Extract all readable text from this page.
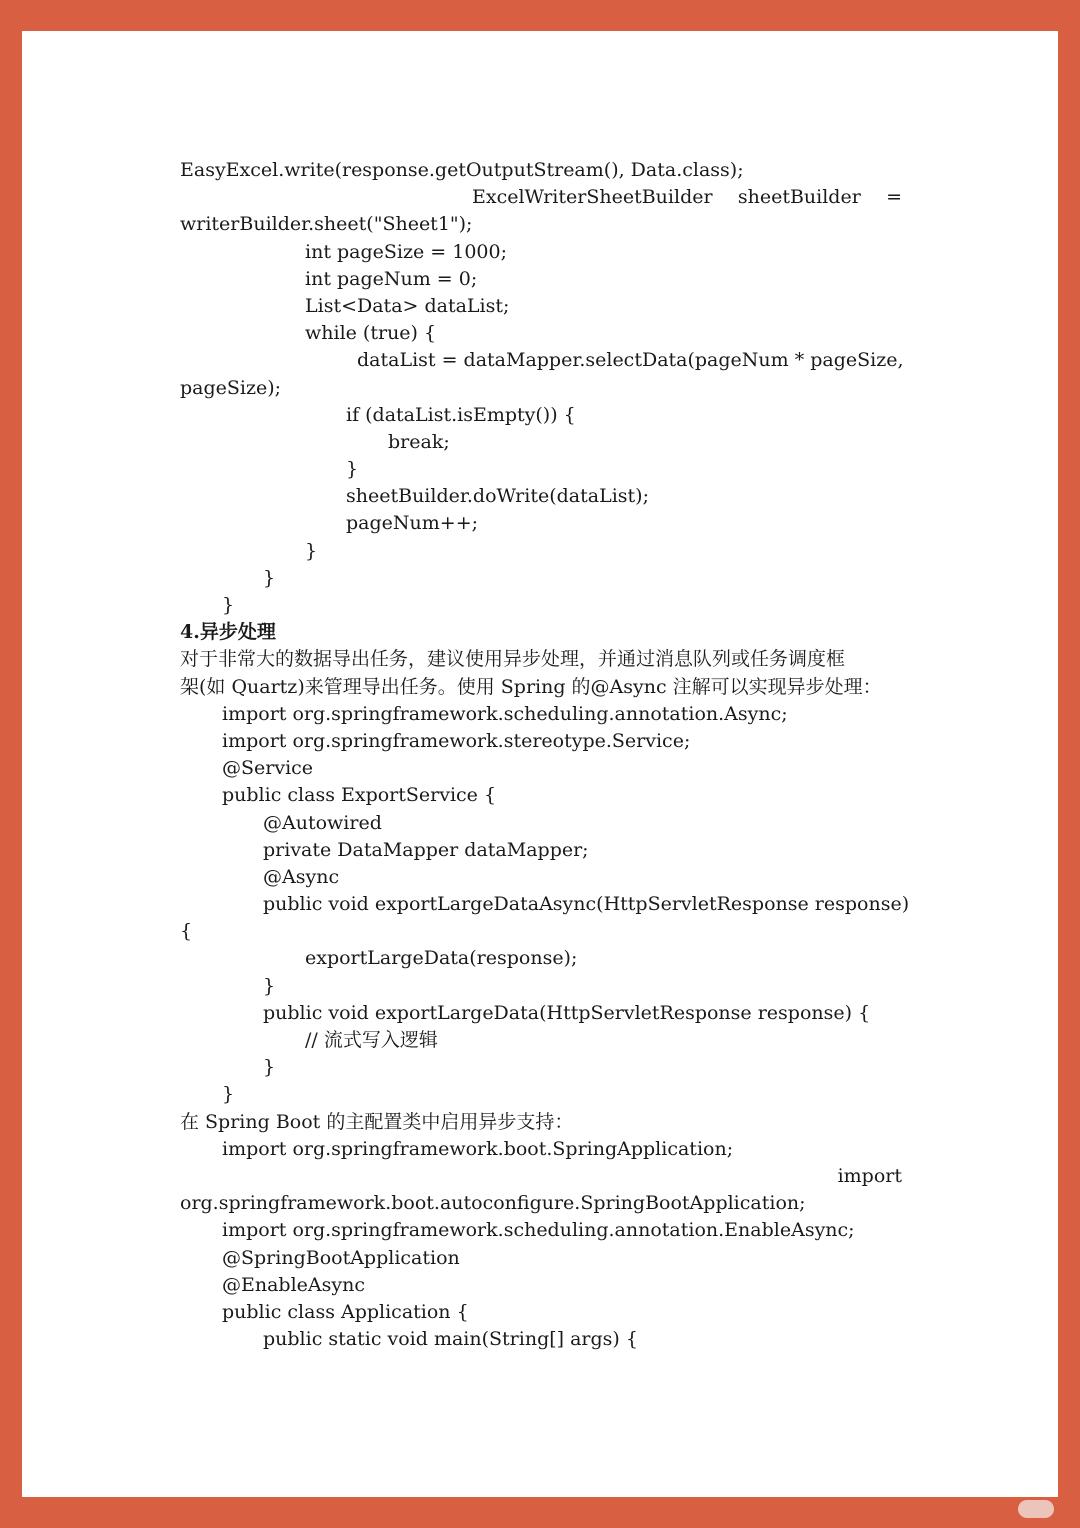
EasyExcel.write(response.getOutputStream(), Data.class);
ExcelWriterSheetBuilder sheetBuilder =
writerBuilder.sheet("Sheet1");
int pageSize = 1000;
int pageNum = 0;
List<Data> dataList;
while (true) {
dataList = dataMapper.selectData(pageNum * pageSize,
pageSize);
if (dataList.isEmpty()) {
break;
}
sheetBuilder.doWrite(dataList);
pageNum++;
}
}
}
4.异步处理
对于非常大的数据导出任务，建议使用异步处理，并通过消息队列或任务调度框
架(如 Quartz)来管理导出任务。使用 Spring 的@Async 注解可以实现异步处理：
import org.springframework.scheduling.annotation.Async;
import org.springframework.stereotype.Service;
@Service
public class ExportService {
@Autowired
private DataMapper dataMapper;
@Async
public void exportLargeDataAsync(HttpServletResponse response)
{
exportLargeData(response);
}
public void exportLargeData(HttpServletResponse response) {
// 流式写入逻辑
}
}
在 Spring Boot 的主配置类中启用异步支持：
import org.springframework.boot.SpringApplication;
import
org.springframework.boot.autoconfigure.SpringBootApplication;
import org.springframework.scheduling.annotation.EnableAsync;
@SpringBootApplication
@EnableAsync
public class Application {
public static void main(String[] args) {
